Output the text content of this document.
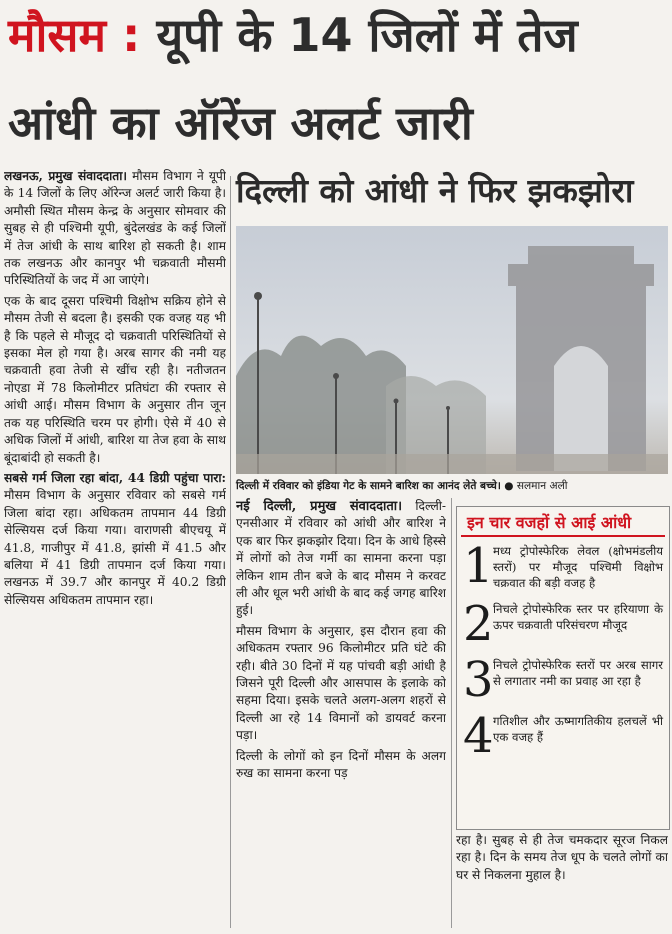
मौसम : यूपी के 14 जिलों में तेज
आंधी का ऑरेंज अलर्ट जारी

लखनऊ, प्रमुख संवाददाता। मौसम विभाग ने यूपी के 14 जिलों के लिए ऑरेन्ज अलर्ट जारी किया है। अमौसी स्थित मौसम केन्द्र के अनुसार सोमवार की सुबह से ही पश्चिमी यूपी, बुंदेलखंड के कई जिलों में तेज आंधी के साथ बारिश हो सकती है। शाम तक लखनऊ और कानपुर भी चक्रवाती मौसमी परिस्थितियों के जद में आ जाएंगे।

एक के बाद दूसरा पश्चिमी विक्षोभ सक्रिय होने से मौसम तेजी से बदला है। इसकी एक वजह यह भी है कि पहले से मौजूद दो चक्रवाती परिस्थितियों से इसका मेल हो गया है। अरब सागर की नमी यह चक्रवाती हवा तेजी से खींच रही है। नतीजतन नोएडा में 78 किलोमीटर प्रतिघंटा की रफ्तार से आंधी आई। मौसम विभाग के अनुसार तीन जून तक यह परिस्थिति चरम पर होगी। ऐसे में 40 से अधिक जिलों में आंधी, बारिश या तेज हवा के साथ बूंदाबांदी हो सकती है।

सबसे गर्म जिला रहा बांदा, 44 डिग्री पहुंचा पारा: मौसम विभाग के अनुसार रविवार को सबसे गर्म जिला बांदा रहा। अधिकतम तापमान 44 डिग्री सेल्सियस दर्ज किया गया। वाराणसी बीएचयू में 41.8, गाजीपुर में 41.8, झांसी में 41.5 और बलिया में 41 डिग्री तापमान दर्ज किया गया। लखनऊ में 39.7 और कानपुर में 40.2 डिग्री सेल्सियस अधिकतम तापमान रहा।

दिल्ली को आंधी ने फिर झकझोरा
दिल्ली में रविवार को इंडिया गेट के सामने बारिश का आनंद लेते बच्चे। ● सलमान अली

नई दिल्ली, प्रमुख संवाददाता। दिल्ली-एनसीआर में रविवार को आंधी और बारिश ने एक बार फिर झकझोर दिया। दिन के आधे हिस्से में लोगों को तेज गर्मी का सामना करना पड़ा लेकिन शाम तीन बजे के बाद मौसम ने करवट ली और धूल भरी आंधी के बाद कई जगह बारिश हुई।

मौसम विभाग के अनुसार, इस दौरान हवा की अधिकतम रफ्तार 96 किलोमीटर प्रति घंटे की रही। बीते 30 दिनों में यह पांचवी बड़ी आंधी है जिसने पूरी दिल्ली और आसपास के इलाके को सहमा दिया। इसके चलते अलग-अलग शहरों से दिल्ली आ रहे 14 विमानों को डायवर्ट करना पड़ा।

दिल्ली के लोगों को इन दिनों मौसम के अलग रुख का सामना करना पड़

इन चार वजहों से आई आंधी
1 मध्य ट्रोपोस्फेरिक लेवल (क्षोभमंडलीय स्तरों) पर मौजूद पश्चिमी विक्षोभ चक्रवात की बड़ी वजह है
2 निचले ट्रोपोस्फेरिक स्तर पर हरियाणा के ऊपर चक्रवाती परिसंचरण मौजूद
3 निचले ट्रोपोस्फेरिक स्तरों पर अरब सागर से लगातार नमी का प्रवाह आ रहा है
4 गतिशील और ऊष्मागतिकीय हलचलें भी एक वजह हैं

रहा है। सुबह से ही तेज चमकदार सूरज निकल रहा है। दिन के समय तेज धूप के चलते लोगों का घर से निकलना मुहाल है।
